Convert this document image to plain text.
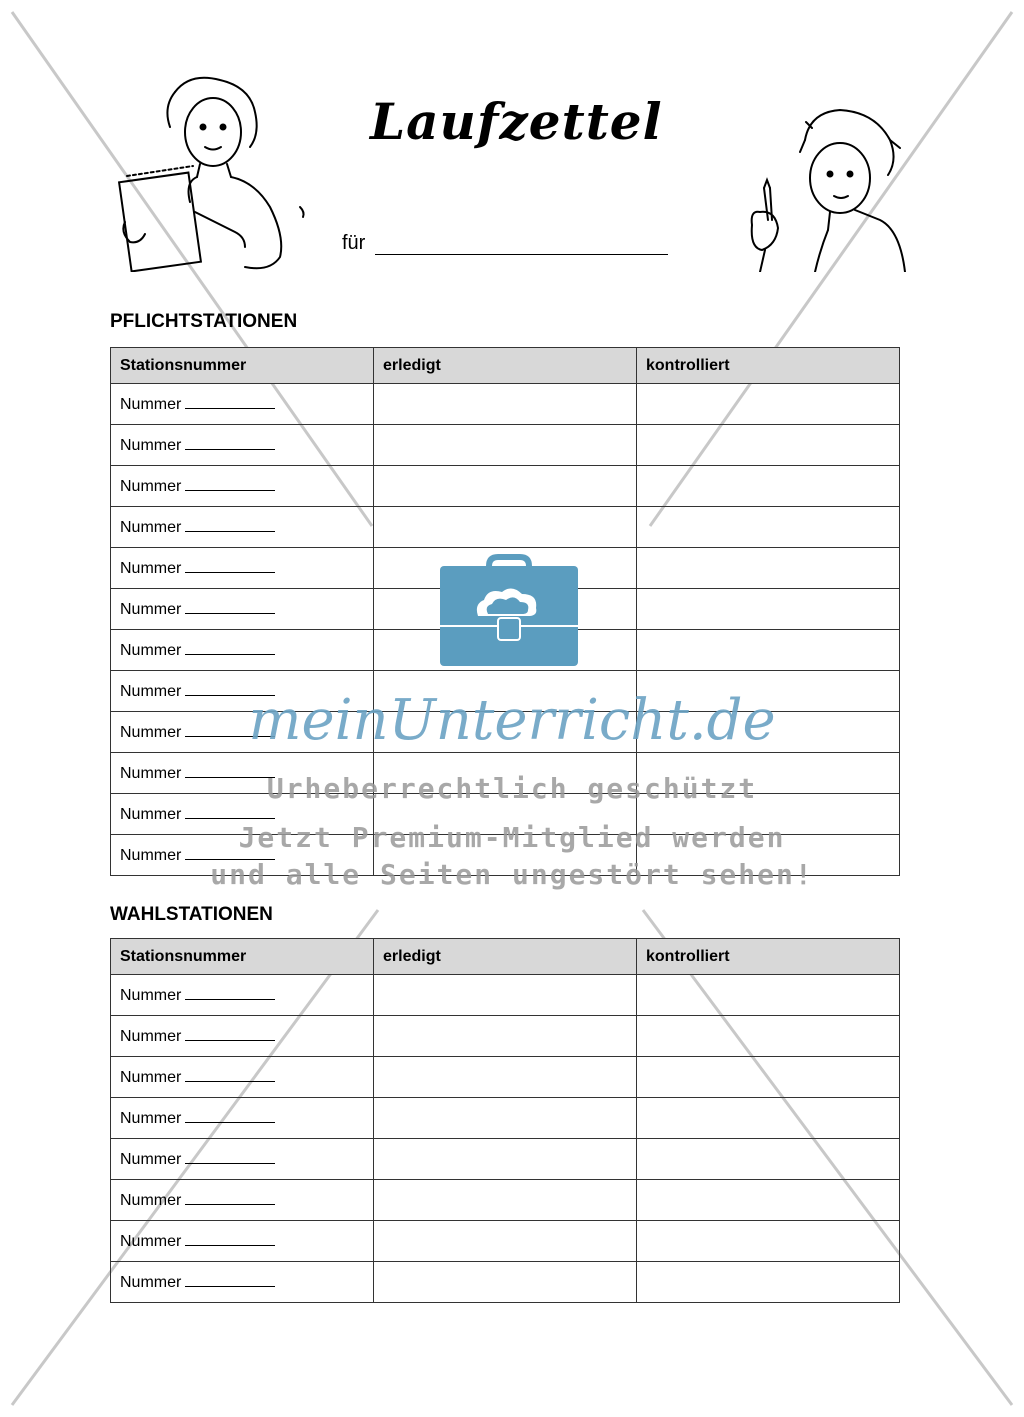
Laufzettel
für
PFLICHTSTATIONEN
Stationsnummer	erledigt	kontrolliert
Nummer		
Nummer		
Nummer		
Nummer		
Nummer		
Nummer		
Nummer		
Nummer		
Nummer		
Nummer		
Nummer		
Nummer		
WAHLSTATIONEN
Stationsnummer	erledigt	kontrolliert
Nummer		
Nummer		
Nummer		
Nummer		
Nummer		
Nummer		
Nummer		
Nummer		
meinUnterricht.de
Urheberrechtlich geschützt
Jetzt Premium-Mitglied werden
und alle Seiten ungestört sehen!
